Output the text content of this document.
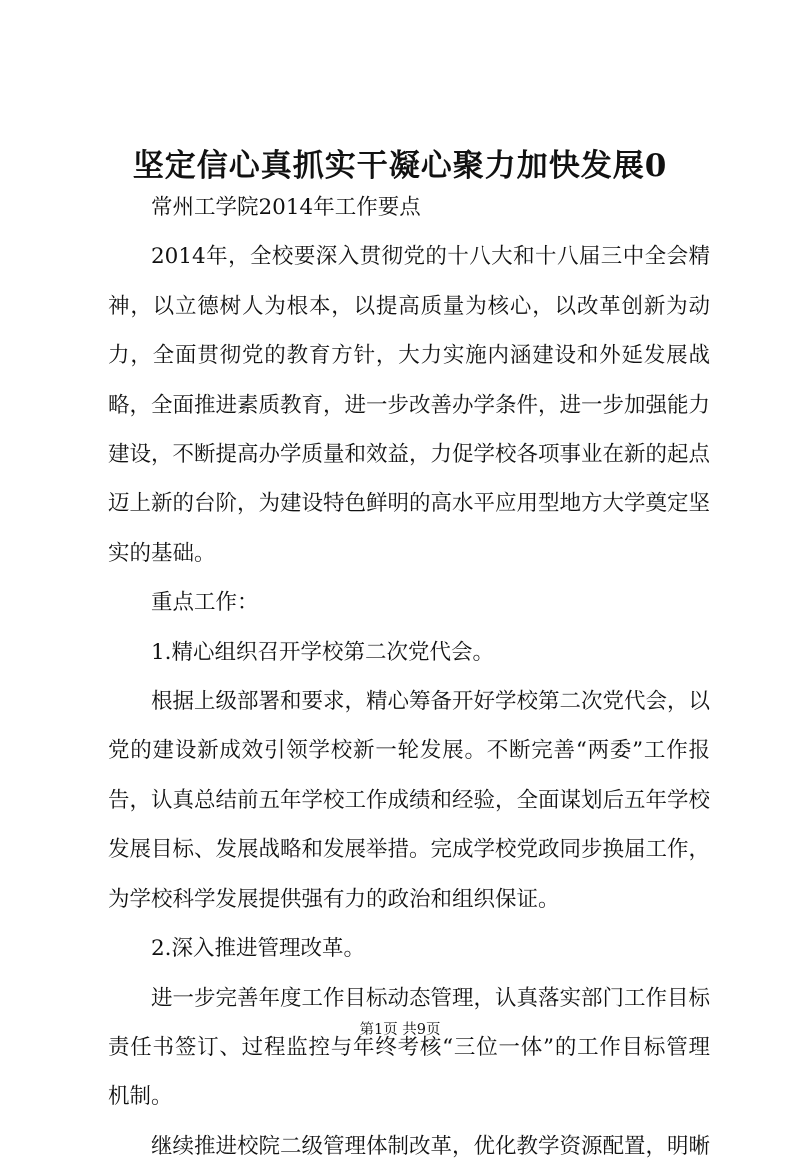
坚定信心真抓实干凝心聚力加快发展0

常州工学院2014年工作要点

2014年，全校要深入贯彻党的十八大和十八届三中全会精神，以立德树人为根本，以提高质量为核心，以改革创新为动力，全面贯彻党的教育方针，大力实施内涵建设和外延发展战略，全面推进素质教育，进一步改善办学条件，进一步加强能力建设，不断提高办学质量和效益，力促学校各项事业在新的起点迈上新的台阶，为建设特色鲜明的高水平应用型地方大学奠定坚实的基础。

重点工作：

1.精心组织召开学校第二次党代会。

根据上级部署和要求，精心筹备开好学校第二次党代会，以党的建设新成效引领学校新一轮发展。不断完善“两委”工作报告，认真总结前五年学校工作成绩和经验，全面谋划后五年学校发展目标、发展战略和发展举措。完成学校党政同步换届工作，为学校科学发展提供强有力的政治和组织保证。

2.深入推进管理改革。

进一步完善年度工作目标动态管理，认真落实部门工作目标责任书签订、过程监控与年终考核“三位一体”的工作目标管理机制。

继续推进校院二级管理体制改革，优化教学资源配置，明晰

第1页 共9页
